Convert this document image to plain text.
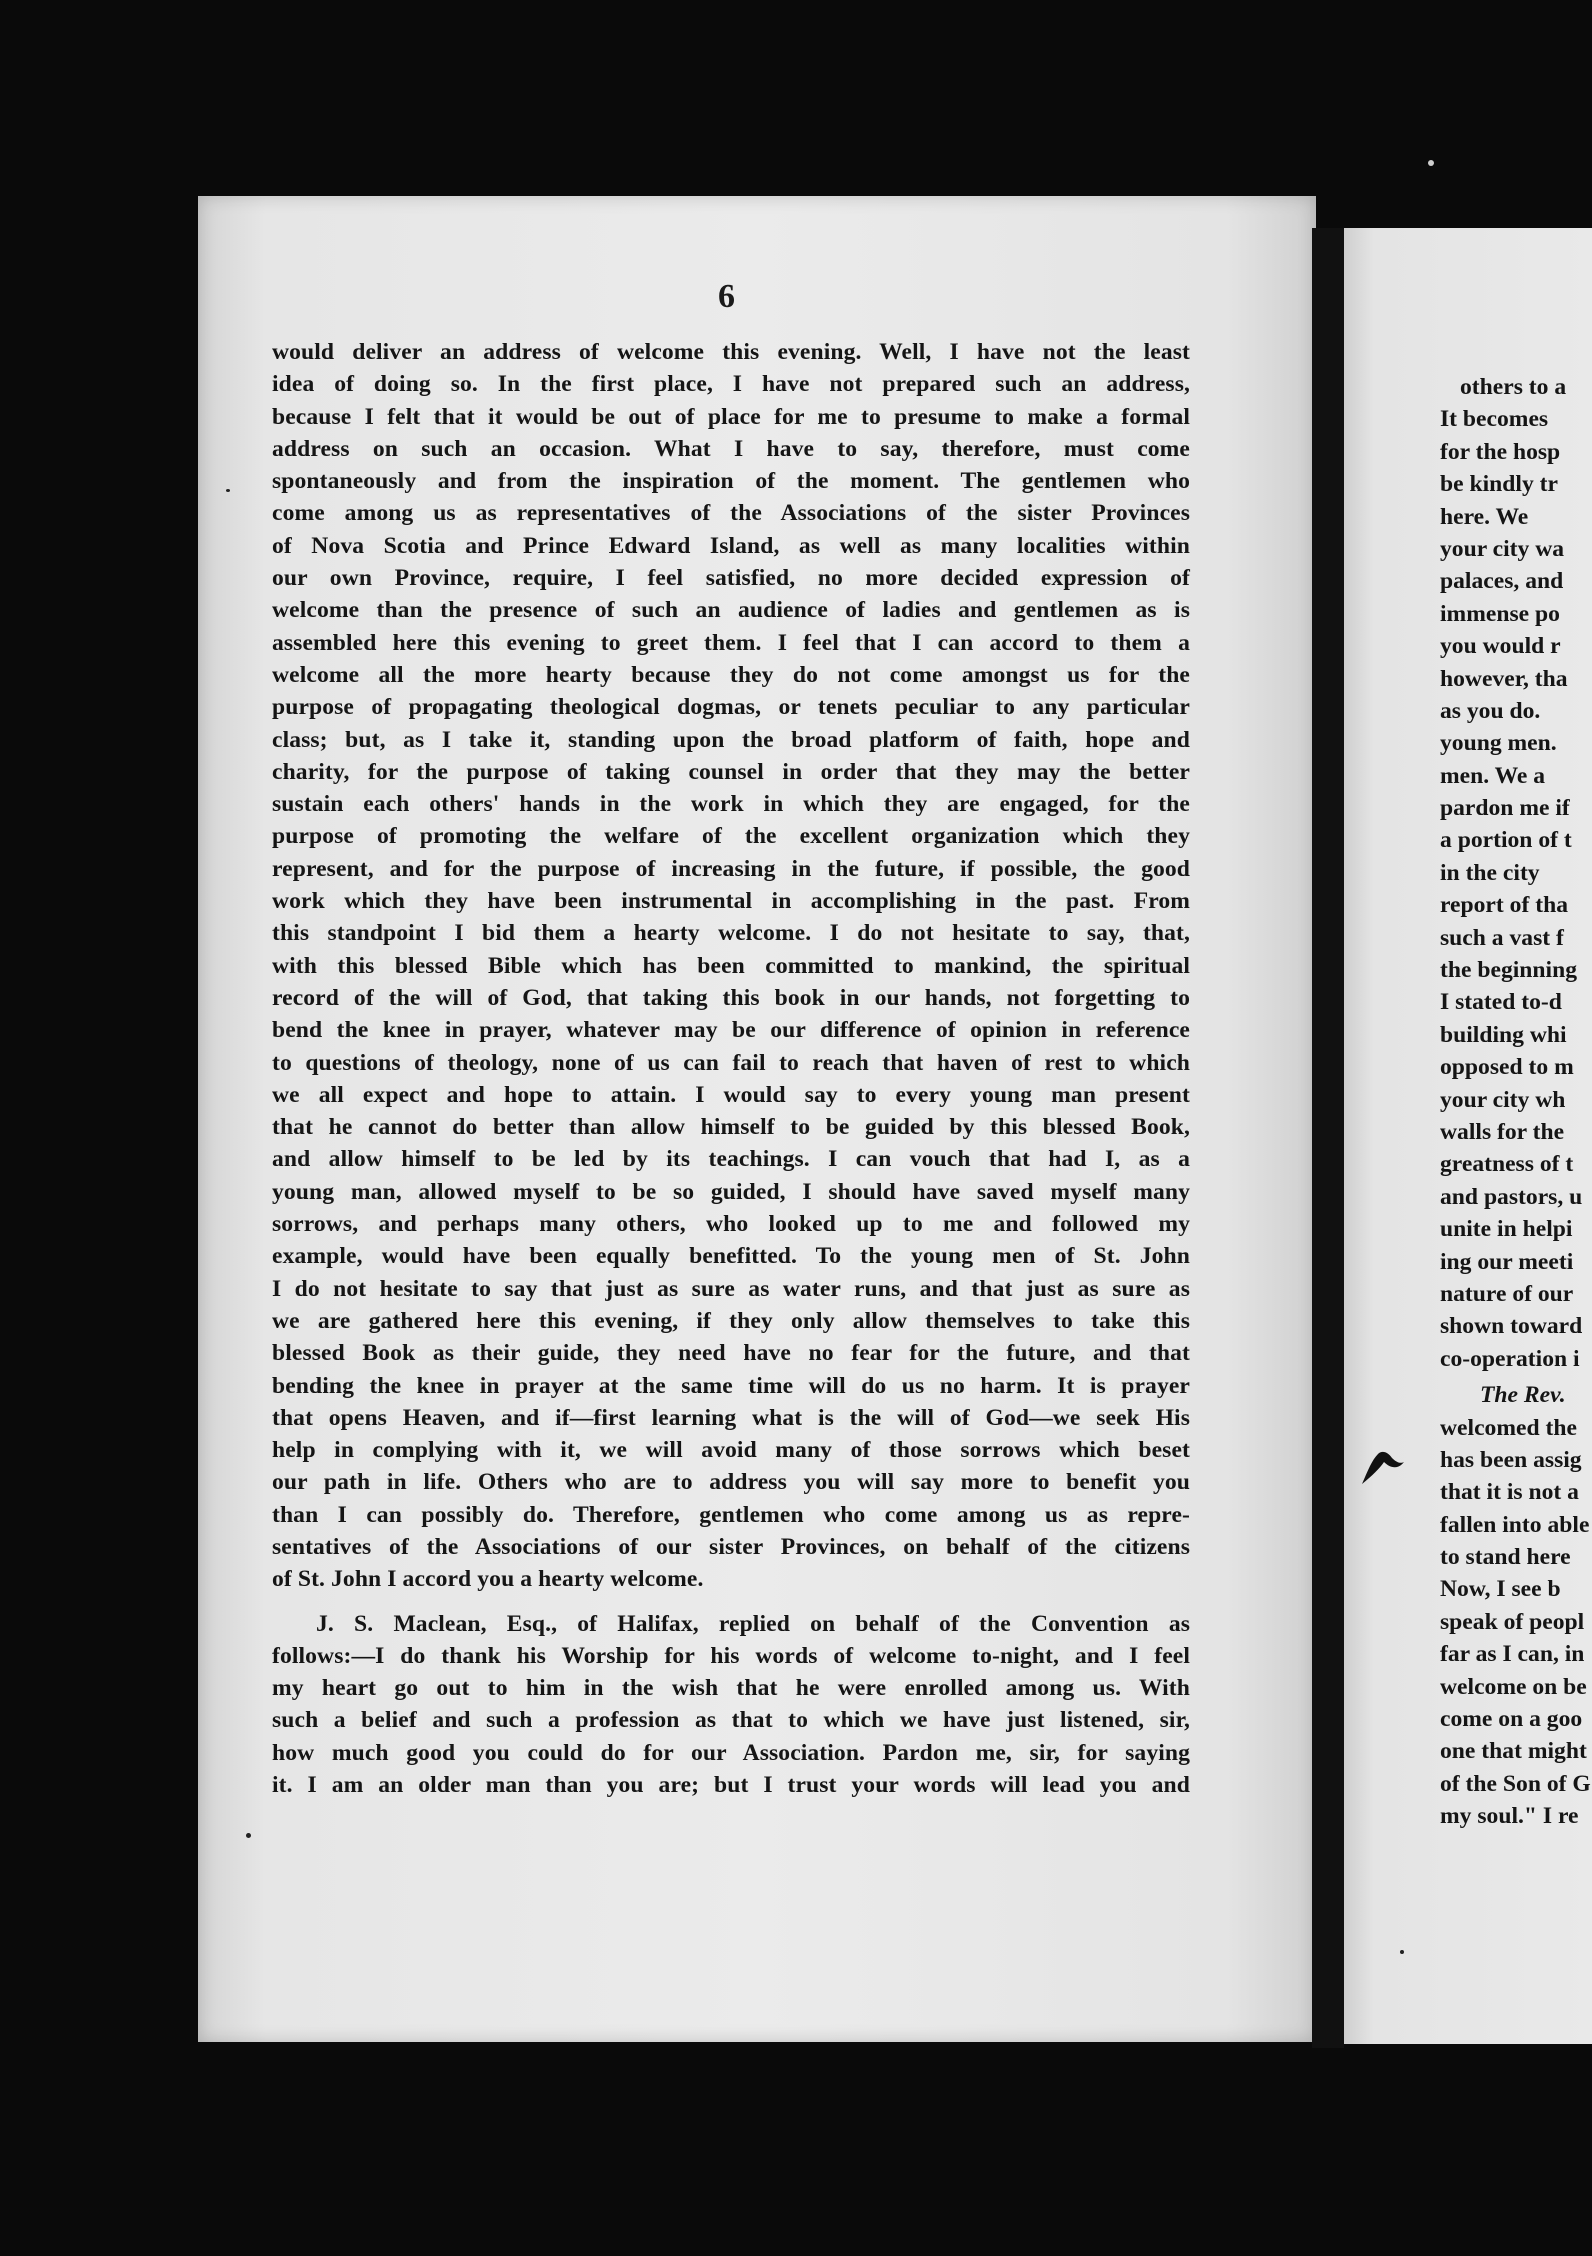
6
would deliver an address of welcome this evening. Well, I have not the least
idea of doing so. In the first place, I have not prepared such an address,
because I felt that it would be out of place for me to presume to make a formal
address on such an occasion. What I have to say, therefore, must come
spontaneously and from the inspiration of the moment. The gentlemen who
come among us as representatives of the Associations of the sister Provinces
of Nova Scotia and Prince Edward Island, as well as many localities within
our own Province, require, I feel satisfied, no more decided expression of
welcome than the presence of such an audience of ladies and gentlemen as is
assembled here this evening to greet them. I feel that I can accord to them a
welcome all the more hearty because they do not come amongst us for the
purpose of propagating theological dogmas, or tenets peculiar to any particular
class; but, as I take it, standing upon the broad platform of faith, hope and
charity, for the purpose of taking counsel in order that they may the better
sustain each others' hands in the work in which they are engaged, for the
purpose of promoting the welfare of the excellent organization which they
represent, and for the purpose of increasing in the future, if possible, the good
work which they have been instrumental in accomplishing in the past. From
this standpoint I bid them a hearty welcome. I do not hesitate to say, that,
with this blessed Bible which has been committed to mankind, the spiritual
record of the will of God, that taking this book in our hands, not forgetting to
bend the knee in prayer, whatever may be our difference of opinion in reference
to questions of theology, none of us can fail to reach that haven of rest to which
we all expect and hope to attain. I would say to every young man present
that he cannot do better than allow himself to be guided by this blessed Book,
and allow himself to be led by its teachings. I can vouch that had I, as a
young man, allowed myself to be so guided, I should have saved myself many
sorrows, and perhaps many others, who looked up to me and followed my
example, would have been equally benefitted. To the young men of St. John
I do not hesitate to say that just as sure as water runs, and that just as sure as
we are gathered here this evening, if they only allow themselves to take this
blessed Book as their guide, they need have no fear for the future, and that
bending the knee in prayer at the same time will do us no harm. It is prayer
that opens Heaven, and if—first learning what is the will of God—we seek His
help in complying with it, we will avoid many of those sorrows which beset
our path in life. Others who are to address you will say more to benefit you
than I can possibly do. Therefore, gentlemen who come among us as repre-
sentatives of the Associations of our sister Provinces, on behalf of the citizens
of St. John I accord you a hearty welcome.
J. S. Maclean, Esq., of Halifax, replied on behalf of the Convention as
follows:—I do thank his Worship for his words of welcome to-night, and I feel
my heart go out to him in the wish that he were enrolled among us. With
such a belief and such a profession as that to which we have just listened, sir,
how much good you could do for our Association. Pardon me, sir, for saying
it. I am an older man than you are; but I trust your words will lead you and
others to a
It becomes
for the hosp
be kindly tr
here. We
your city wa
palaces, and
immense po
you would r
however, tha
as you do.
young men.
men. We a
pardon me if
a portion of t
in the city
report of tha
such a vast f
the beginning
I stated to-d
building whi
opposed to m
your city wh
walls for the
greatness of t
and pastors, u
unite in helpi
ing our meeti
nature of our
shown toward
co-operation i
The Rev.
welcomed the
has been assig
that it is not a
fallen into able
to stand here
Now, I see b
speak of peopl
far as I can, in
welcome on be
come on a goo
one that might
of the Son of G
my soul." I re
